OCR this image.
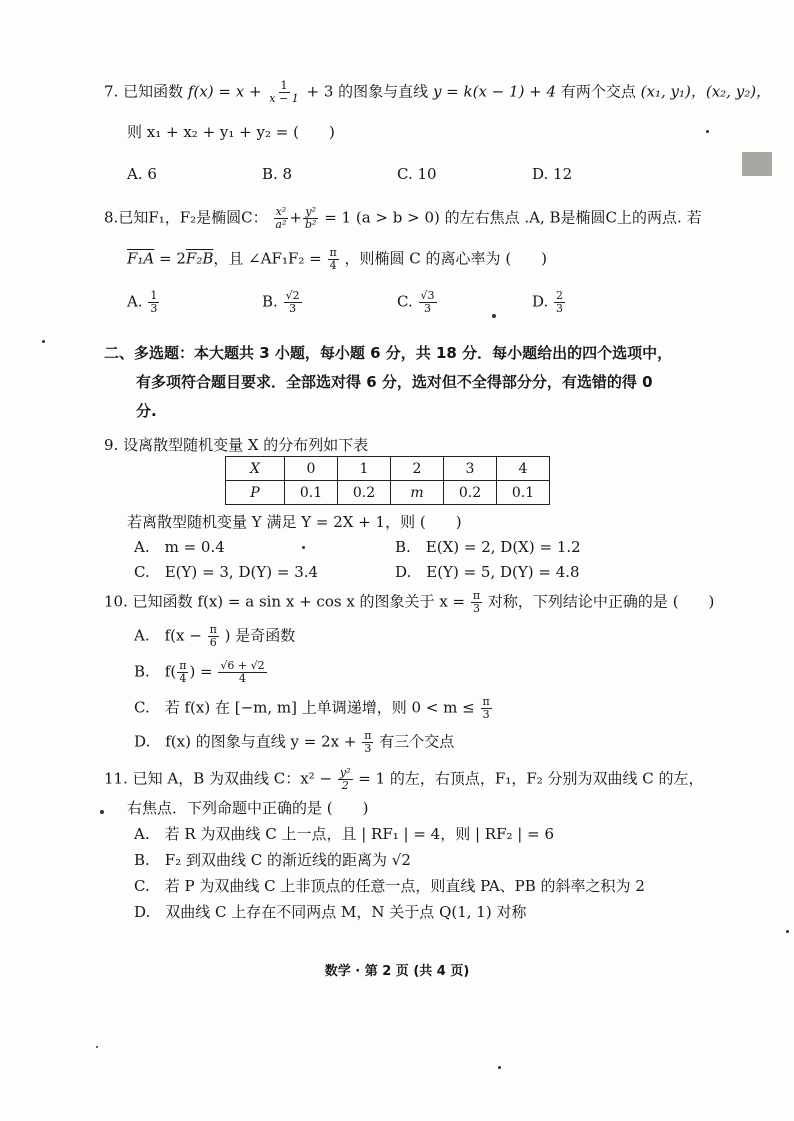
7. 已知函数 $f(x) = x + \frac{1}{x - 1} + 3$ 的图象与直线 y = k(x − 1) + 4 有两个交点 (x₁, y₁)，(x₂, y₂)，
则 x₁ + x₂ + y₁ + y₂ = (　　)
A. 6	B. 8	C. 10	D. 12
8.已知F₁，F₂是椭圆C： $\frac{\text{x²}}{\text{a²}} + \frac{\text{y²}}{\text{b²}} = 1$ (a > b > 0) 的左右焦点 .A, B是椭圆C上的两点. 若
F₁A = 2F₂B，且 ∠AF₁F₂ = $\frac{\pi}{4}$ ，则椭圆 C 的离心率为 (　　)
A. $\frac{1}{3}$	B. $\frac{√2}{3}$	C. $\frac{√3}{3}$	D. $\frac{2}{3}$
二、多选题：本大题共 3 小题，每小题 6 分，共 18 分．每小题给出的四个选项中，
有多项符合题目要求．全部选对得 6 分，选对但不全得部分分，有选错的得 0
分.
9. 设离散型随机变量 X 的分布列如下表
X	0	1	2	3	4
P	0.1	0.2	m	0.2	0.1
若离散型随机变量 Y 满足 Y = 2X + 1，则 (　　)
A.　m = 0.4	B.　E(X) = 2, D(X) = 1.2
C.　E(Y) = 3, D(Y) = 3.4	D.　E(Y) = 5, D(Y) = 4.8
10. 已知函数 f(x) = a sin x + cos x 的图象关于 $x = \frac{\pi}{3}$ 对称，下列结论中正确的是 (　　)
A.　$f(x - \frac{\pi}{6}$ ) 是奇函数
B.　$f( \frac{\pi}{4}$ ) = $\frac{√6 + √2}{4}$
C.　若 f(x) 在 [−m, m] 上单调递增，则 $0 < m \le \frac{\pi}{3}$
D.　f(x) 的图象与直线 $y = 2x + \frac{\pi}{3}$ 有三个交点
11. 已知 A，B 为双曲线 C：$x^2 - \frac{\text{y²}}{2} = 1$ 的左，右顶点，F₁，F₂ 分别为双曲线 C 的左，
右焦点．下列命题中正确的是 (　　)
A.　若 R 为双曲线 C 上一点，且 | RF₁ | = 4，则 | RF₂ | = 6
B.　F₂ 到双曲线 C 的渐近线的距离为 √2
C.　若 P 为双曲线 C 上非顶点的任意一点，则直线 PA、PB 的斜率之积为 2
D.　双曲线 C 上存在不同两点 M，N 关于点 Q(1, 1) 对称
数学 · 第 2 页 (共 4 页)
